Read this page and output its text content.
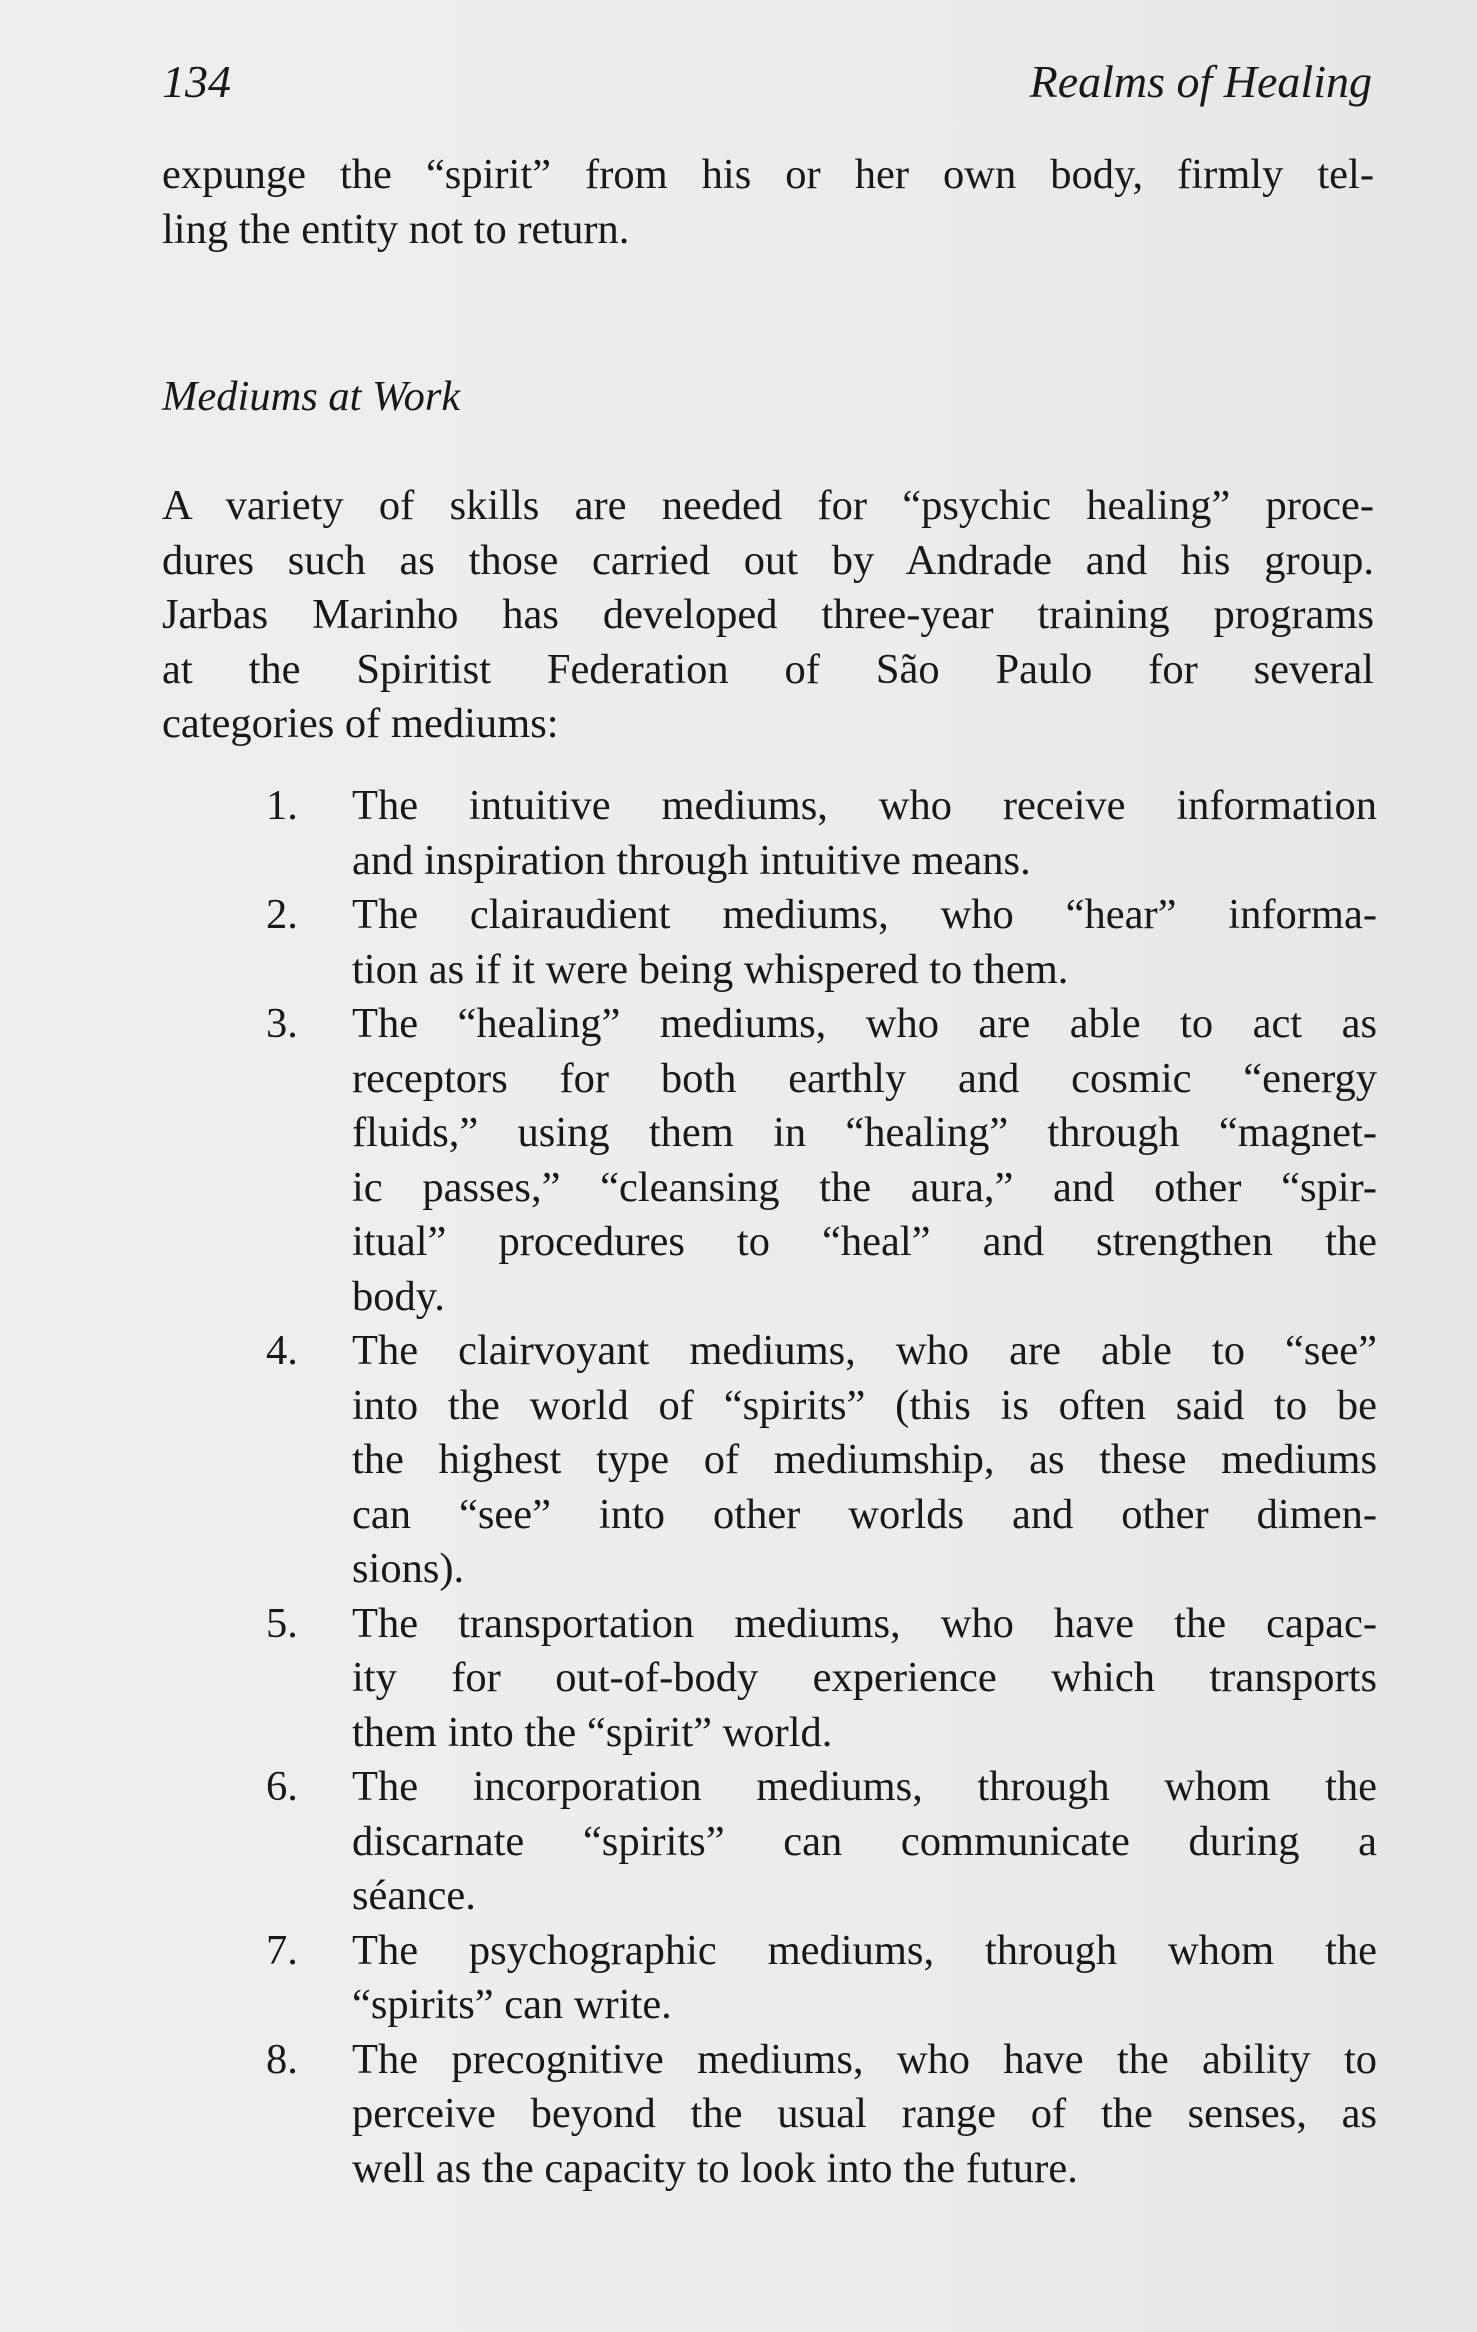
134	Realms of Healing
expunge the “spirit” from his or her own body, firmly tel-
ling the entity not to return.
Mediums at Work
A variety of skills are needed for “psychic healing” proce-
dures such as those carried out by Andrade and his group.
Jarbas Marinho has developed three-year training programs
at the Spiritist Federation of São Paulo for several
categories of mediums:
1.	The intuitive mediums, who receive information
and inspiration through intuitive means.
2.	The clairaudient mediums, who “hear” informa-
tion as if it were being whispered to them.
3.	The “healing” mediums, who are able to act as
receptors for both earthly and cosmic “energy
fluids,” using them in “healing” through “magnet-
ic passes,” “cleansing the aura,” and other “spir-
itual” procedures to “heal” and strengthen the
body.
4.	The clairvoyant mediums, who are able to “see”
into the world of “spirits” (this is often said to be
the highest type of mediumship, as these mediums
can “see” into other worlds and other dimen-
sions).
5.	The transportation mediums, who have the capac-
ity for out-of-body experience which transports
them into the “spirit” world.
6.	The incorporation mediums, through whom the
discarnate “spirits” can communicate during a
séance.
7.	The psychographic mediums, through whom the
“spirits” can write.
8.	The precognitive mediums, who have the ability to
perceive beyond the usual range of the senses, as
well as the capacity to look into the future.
